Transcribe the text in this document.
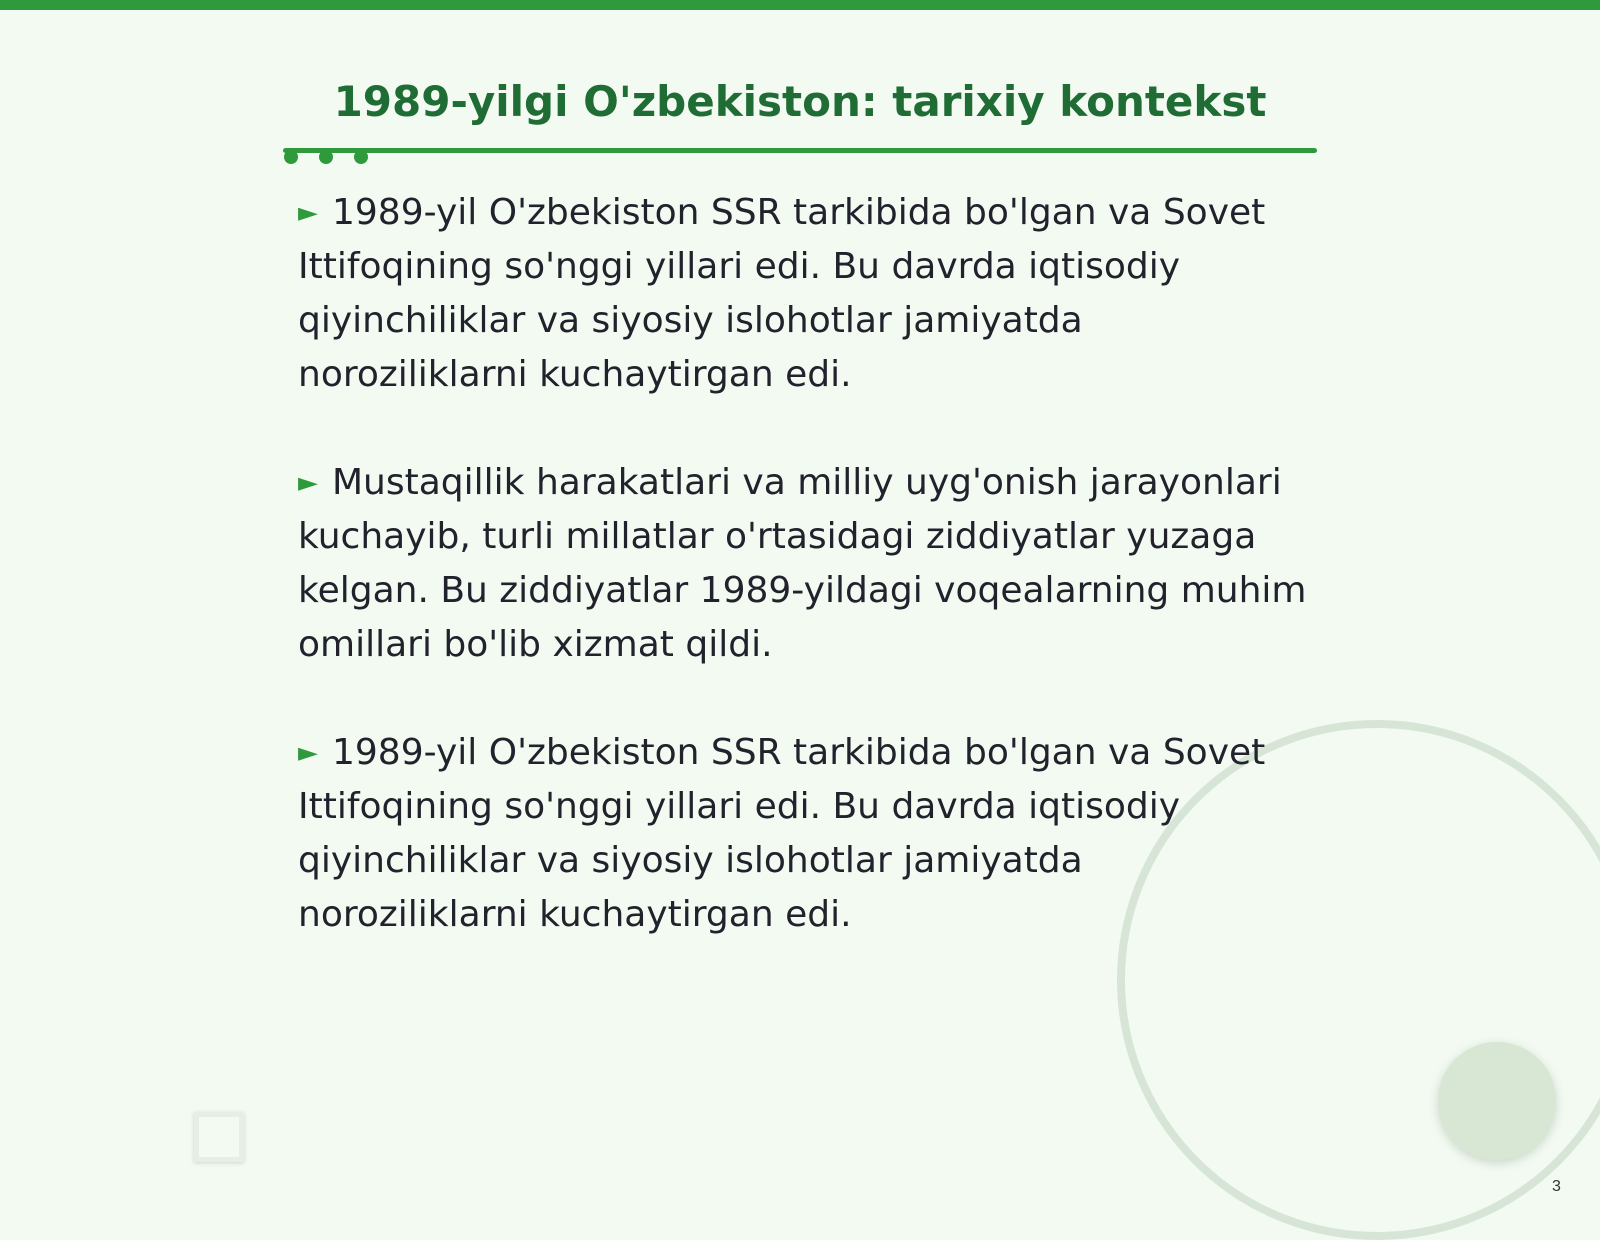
1989-yilgi O'zbekiston: tarixiy kontekst

► 1989-yil O'zbekiston SSR tarkibida bo'lgan va Sovet Ittifoqining so'nggi yillari edi. Bu davrda iqtisodiy qiyinchiliklar va siyosiy islohotlar jamiyatda noroziliklarni kuchaytirgan edi.

► Mustaqillik harakatlari va milliy uyg'onish jarayonlari kuchayib, turli millatlar o'rtasidagi ziddiyatlar yuzaga kelgan. Bu ziddiyatlar 1989-yildagi voqealarning muhim omillari bo'lib xizmat qildi.

► 1989-yil O'zbekiston SSR tarkibida bo'lgan va Sovet Ittifoqining so'nggi yillari edi. Bu davrda iqtisodiy qiyinchiliklar va siyosiy islohotlar jamiyatda noroziliklarni kuchaytirgan edi.

3
